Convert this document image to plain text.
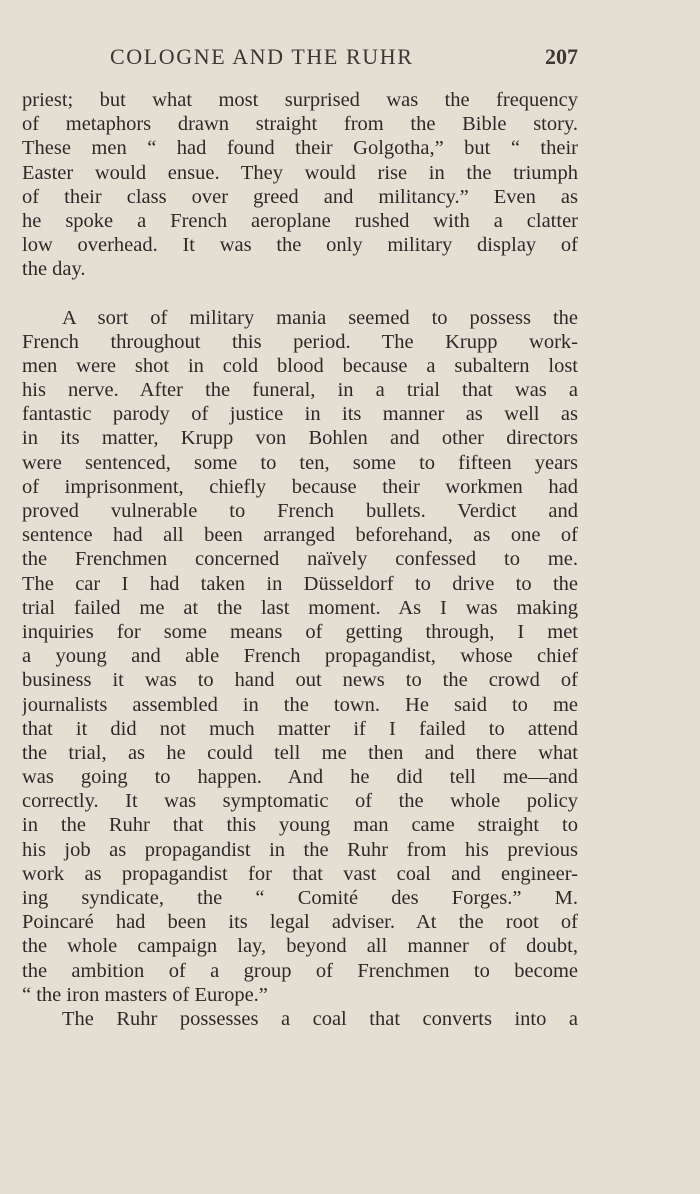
COLOGNE AND THE RUHR	207
priest; but what most surprised was the frequency
of metaphors drawn straight from the Bible story.
These men “ had found their Golgotha,” but “ their
Easter would ensue. They would rise in the triumph
of their class over greed and militancy.” Even as
he spoke a French aeroplane rushed with a clatter
low overhead. It was the only military display of
the day.
A sort of military mania seemed to possess the
French throughout this period. The Krupp work-
men were shot in cold blood because a subaltern lost
his nerve. After the funeral, in a trial that was a
fantastic parody of justice in its manner as well as
in its matter, Krupp von Bohlen and other directors
were sentenced, some to ten, some to fifteen years
of imprisonment, chiefly because their workmen had
proved vulnerable to French bullets. Verdict and
sentence had all been arranged beforehand, as one of
the Frenchmen concerned naïvely confessed to me.
The car I had taken in Düsseldorf to drive to the
trial failed me at the last moment. As I was making
inquiries for some means of getting through, I met
a young and able French propagandist, whose chief
business it was to hand out news to the crowd of
journalists assembled in the town. He said to me
that it did not much matter if I failed to attend
the trial, as he could tell me then and there what
was going to happen. And he did tell me—and
correctly. It was symptomatic of the whole policy
in the Ruhr that this young man came straight to
his job as propagandist in the Ruhr from his previous
work as propagandist for that vast coal and engineer-
ing syndicate, the “ Comité des Forges.” M.
Poincaré had been its legal adviser. At the root of
the whole campaign lay, beyond all manner of doubt,
the ambition of a group of Frenchmen to become
“ the iron masters of Europe.”
The Ruhr possesses a coal that converts into a
